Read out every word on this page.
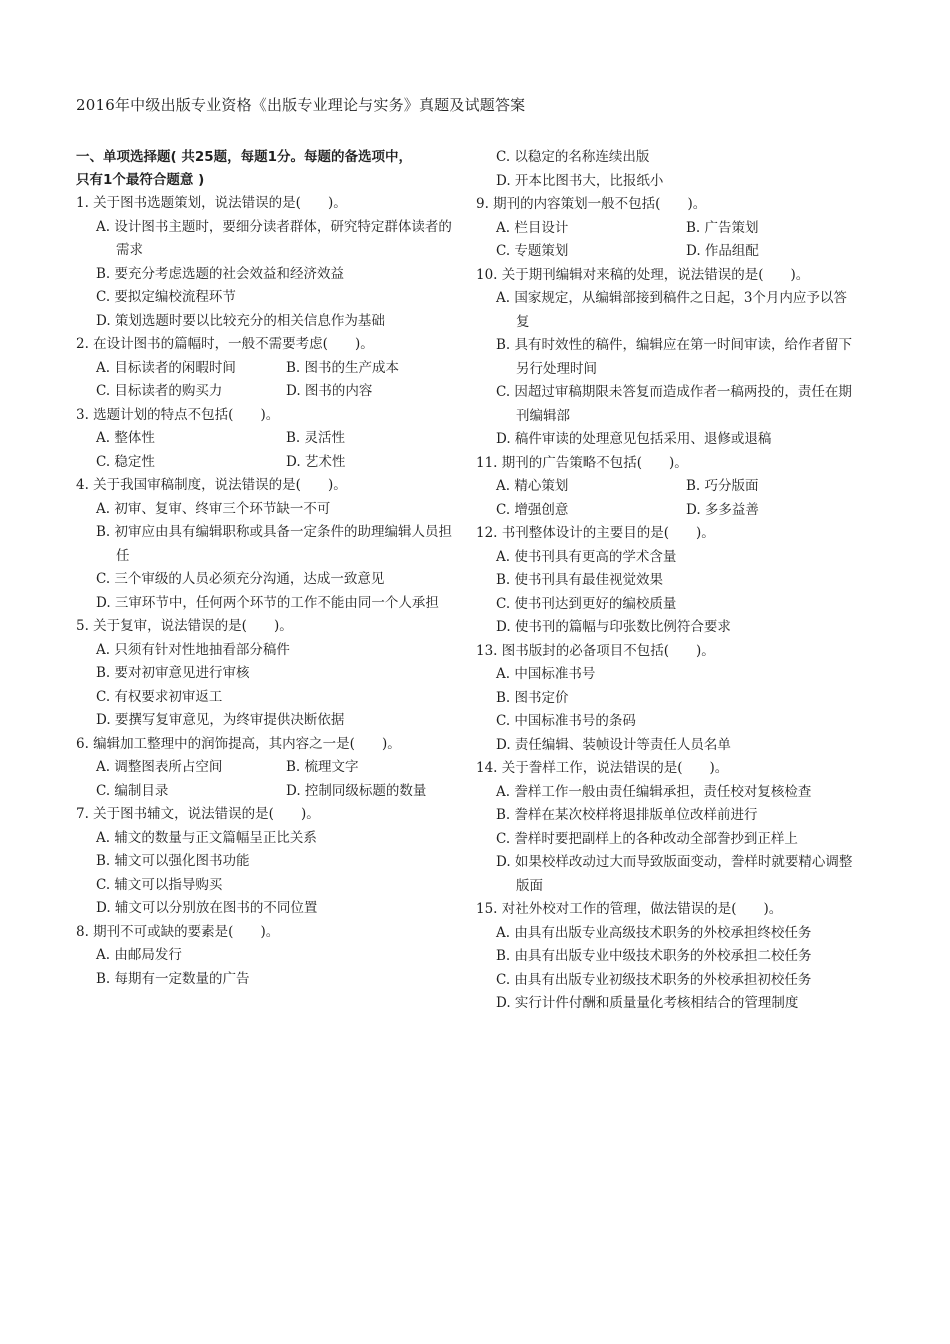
2016年中级出版专业资格《出版专业理论与实务》真题及试题答案
一、单项选择题( 共25题，每题1分。每题的备选项中，
只有1个最符合题意 )
1. 关于图书选题策划，说法错误的是(　　)。
A. 设计图书主题时，要细分读者群体，研究特定群体读者的需求
B. 要充分考虑选题的社会效益和经济效益
C. 要拟定编校流程环节
D. 策划选题时要以比较充分的相关信息作为基础
2. 在设计图书的篇幅时，一般不需要考虑(　　)。
A. 目标读者的闲暇时间	B. 图书的生产成本
C. 目标读者的购买力	D. 图书的内容
3. 选题计划的特点不包括(　　)。
A. 整体性	B. 灵活性
C. 稳定性	D. 艺术性
4. 关于我国审稿制度，说法错误的是(　　)。
A. 初审、复审、终审三个环节缺一不可
B. 初审应由具有编辑职称或具备一定条件的助理编辑人员担任
C. 三个审级的人员必须充分沟通，达成一致意见
D. 三审环节中，任何两个环节的工作不能由同一个人承担
5. 关于复审，说法错误的是(　　)。
A. 只须有针对性地抽看部分稿件
B. 要对初审意见进行审核
C. 有权要求初审返工
D. 要撰写复审意见，为终审提供决断依据
6. 编辑加工整理中的润饰提高，其内容之一是(　　)。
A. 调整图表所占空间	B. 梳理文字
C. 编制目录	D. 控制同级标题的数量
7. 关于图书辅文，说法错误的是(　　)。
A. 辅文的数量与正文篇幅呈正比关系
B. 辅文可以强化图书功能
C. 辅文可以指导购买
D. 辅文可以分别放在图书的不同位置
8. 期刊不可或缺的要素是(　　)。
A. 由邮局发行
B. 每期有一定数量的广告
C. 以稳定的名称连续出版
D. 开本比图书大，比报纸小
9. 期刊的内容策划一般不包括(　　)。
A. 栏目设计	B. 广告策划
C. 专题策划	D. 作品组配
10. 关于期刊编辑对来稿的处理，说法错误的是(　　)。
A. 国家规定，从编辑部接到稿件之日起，3个月内应予以答复
B. 具有时效性的稿件，编辑应在第一时间审读，给作者留下另行处理时间
C. 因超过审稿期限未答复而造成作者一稿两投的，责任在期刊编辑部
D. 稿件审读的处理意见包括采用、退修或退稿
11. 期刊的广告策略不包括(　　)。
A. 精心策划	B. 巧分版面
C. 增强创意	D. 多多益善
12. 书刊整体设计的主要目的是(　　)。
A. 使书刊具有更高的学术含量
B. 使书刊具有最佳视觉效果
C. 使书刊达到更好的编校质量
D. 使书刊的篇幅与印张数比例符合要求
13. 图书版封的必备项目不包括(　　)。
A. 中国标准书号
B. 图书定价
C. 中国标准书号的条码
D. 责任编辑、装帧设计等责任人员名单
14. 关于誊样工作，说法错误的是(　　)。
A. 誊样工作一般由责任编辑承担，责任校对复核检查
B. 誊样在某次校样将退排版单位改样前进行
C. 誊样时要把副样上的各种改动全部誊抄到正样上
D. 如果校样改动过大而导致版面变动，誊样时就要精心调整版面
15. 对社外校对工作的管理，做法错误的是(　　)。
A. 由具有出版专业高级技术职务的外校承担终校任务
B. 由具有出版专业中级技术职务的外校承担二校任务
C. 由具有出版专业初级技术职务的外校承担初校任务
D. 实行计件付酬和质量量化考核相结合的管理制度
